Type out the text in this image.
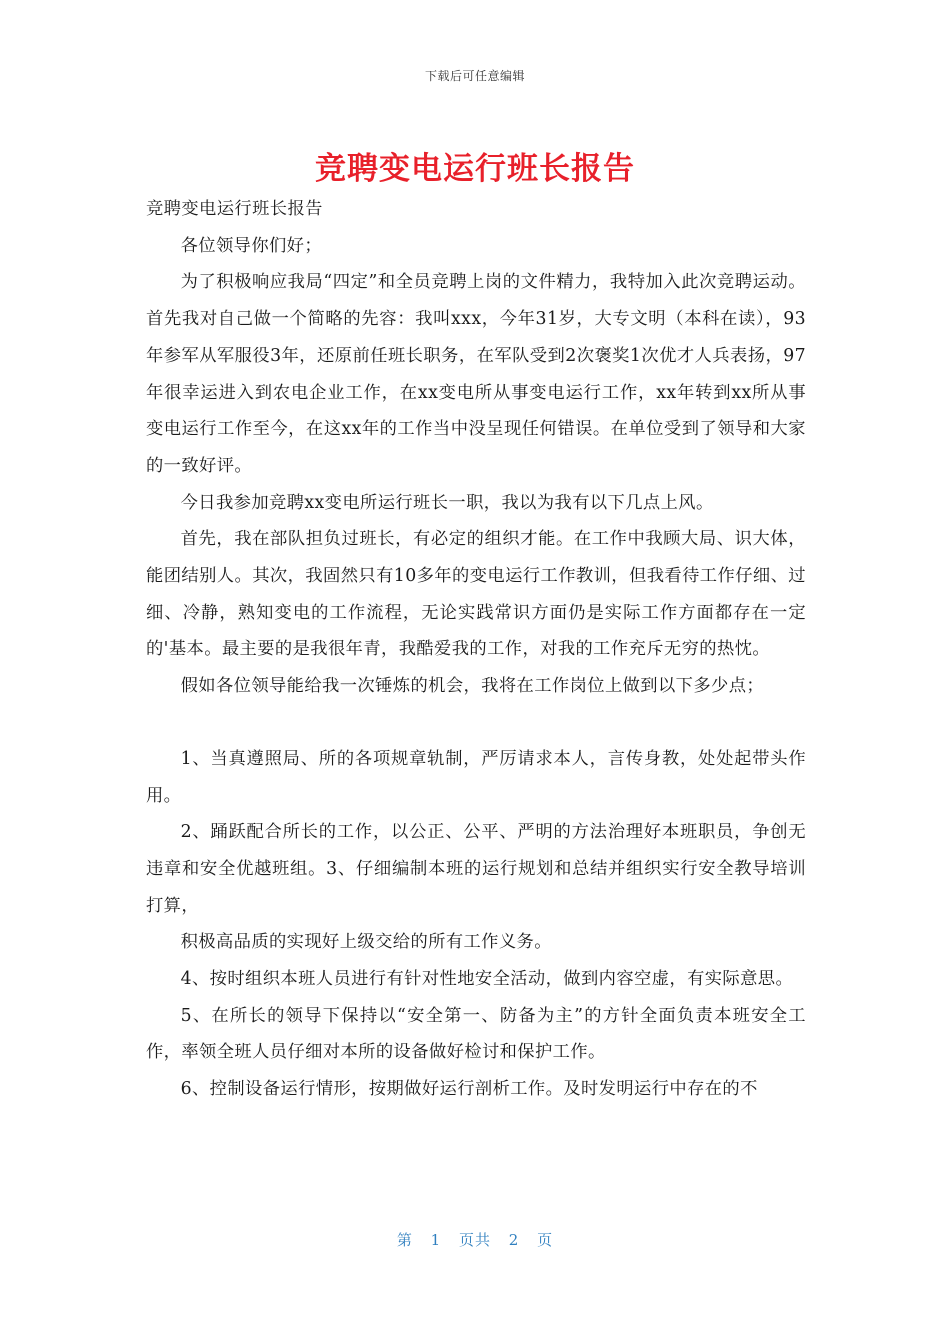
下载后可任意编辑
竞聘变电运行班长报告

竞聘变电运行班长报告

各位领导你们好；

为了积极响应我局“四定”和全员竞聘上岗的文件精力，我特加入此次竞聘运动。首先我对自己做一个简略的先容：我叫xxx，今年31岁，大专文明（本科在读），93年参军从军服役3年，还原前任班长职务，在军队受到2次褒奖1次优才人兵表扬，97年很幸运进入到农电企业工作，在xx变电所从事变电运行工作，xx年转到xx所从事变电运行工作至今，在这xx年的工作当中没呈现任何错误。在单位受到了领导和大家的一致好评。

今日我参加竞聘xx变电所运行班长一职，我以为我有以下几点上风。

首先，我在部队担负过班长，有必定的组织才能。在工作中我顾大局、识大体，能团结别人。其次，我固然只有10多年的变电运行工作教训，但我看待工作仔细、过细、冷静，熟知变电的工作流程，无论实践常识方面仍是实际工作方面都存在一定的'基本。最主要的是我很年青，我酷爱我的工作，对我的工作充斥无穷的热忱。

假如各位领导能给我一次锤炼的机会，我将在工作岗位上做到以下多少点；

1、当真遵照局、所的各项规章轨制，严厉请求本人，言传身教，处处起带头作用。

2、踊跃配合所长的工作，以公正、公平、严明的方法治理好本班职员，争创无违章和安全优越班组。3、仔细编制本班的运行规划和总结并组织实行安全教导培训打算，

积极高品质的实现好上级交给的所有工作义务。

4、按时组织本班人员进行有针对性地安全活动，做到内容空虚，有实际意思。

5、在所长的领导下保持以“安全第一、防备为主”的方针全面负责本班安全工作，率领全班人员仔细对本所的设备做好检讨和保护工作。

6、控制设备运行情形，按期做好运行剖析工作。及时发明运行中存在的不

第 1 页共 2 页
